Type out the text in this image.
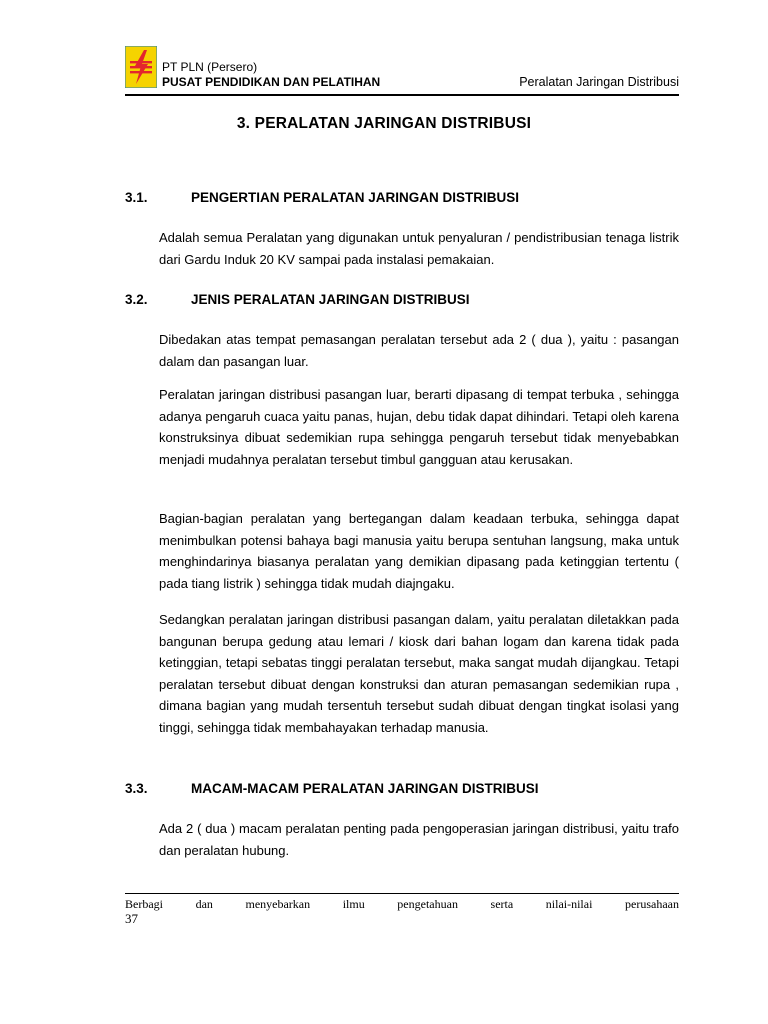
PT PLN (Persero)
PUSAT PENDIDIKAN DAN PELATIHAN	Peralatan Jaringan Distribusi
3. PERALATAN JARINGAN DISTRIBUSI
3.1.	PENGERTIAN PERALATAN JARINGAN DISTRIBUSI
Adalah semua Peralatan yang digunakan untuk penyaluran / pendistribusian tenaga listrik dari Gardu Induk 20 KV sampai pada instalasi pemakaian.
3.2.	JENIS PERALATAN JARINGAN DISTRIBUSI
Dibedakan atas tempat pemasangan peralatan tersebut ada 2 ( dua ), yaitu : pasangan dalam dan pasangan luar.
Peralatan jaringan distribusi pasangan luar, berarti dipasang di tempat terbuka , sehingga adanya pengaruh cuaca yaitu panas, hujan, debu tidak dapat dihindari. Tetapi oleh karena konstruksinya dibuat sedemikian rupa sehingga pengaruh tersebut tidak menyebabkan menjadi mudahnya peralatan tersebut timbul gangguan atau kerusakan.
Bagian-bagian peralatan yang bertegangan dalam keadaan terbuka, sehingga dapat menimbulkan potensi bahaya bagi manusia yaitu berupa sentuhan langsung, maka untuk menghindarinya biasanya peralatan yang demikian dipasang pada ketinggian tertentu ( pada tiang listrik ) sehingga tidak mudah diajngaku.
Sedangkan peralatan jaringan distribusi pasangan dalam, yaitu peralatan diletakkan pada bangunan berupa gedung atau lemari / kiosk dari bahan logam dan karena tidak pada ketinggian, tetapi sebatas tinggi peralatan tersebut, maka sangat mudah dijangkau. Tetapi peralatan tersebut dibuat dengan konstruksi dan aturan pemasangan sedemikian rupa , dimana bagian yang mudah tersentuh tersebut sudah dibuat dengan tingkat isolasi yang tinggi, sehingga tidak membahayakan terhadap manusia.
3.3.	MACAM-MACAM PERALATAN JARINGAN DISTRIBUSI
Ada 2 ( dua ) macam peralatan penting pada pengoperasian jaringan distribusi, yaitu trafo dan peralatan hubung.
Berbagi dan menyebarkan ilmu pengetahuan serta nilai-nilai perusahaan
37
